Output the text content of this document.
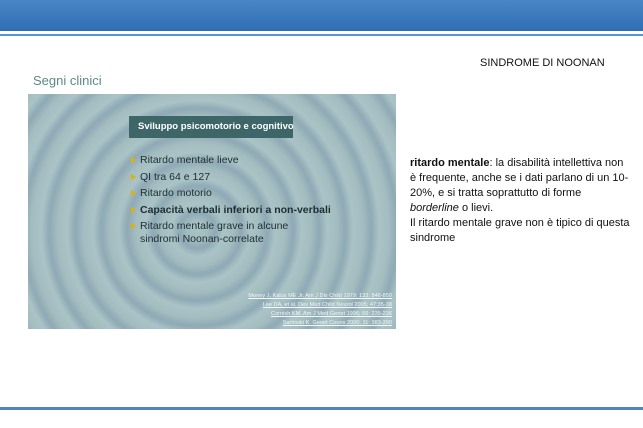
SINDROME DI NOONAN
Segni clinici
Sviluppo psicomotorio e cognitivo
Ritardo mentale lieve
QI tra 64 e 127
Ritardo motorio
Capacità verbali inferiori a non-verbali
Ritardo mentale grave in alcune
sindromi Noonan-correlate
Money J, Kalus ME Jr. Am J Dis Child 1979; 133: 846-850
Lee DA, et al. Dev Med Child Neurol 2005; 47:35-38
Cornish KM. Am J Med Genet 1996; 66: 235-236
Sarimski K. Genet Couns 2000; 11: 383-390

ritardo mentale: la disabilità intellettiva non è frequente, anche se i dati parlano di un 10-20%, e si tratta soprattutto di forme borderline o lievi.

Il ritardo mentale grave non è tipico di questa sindrome
